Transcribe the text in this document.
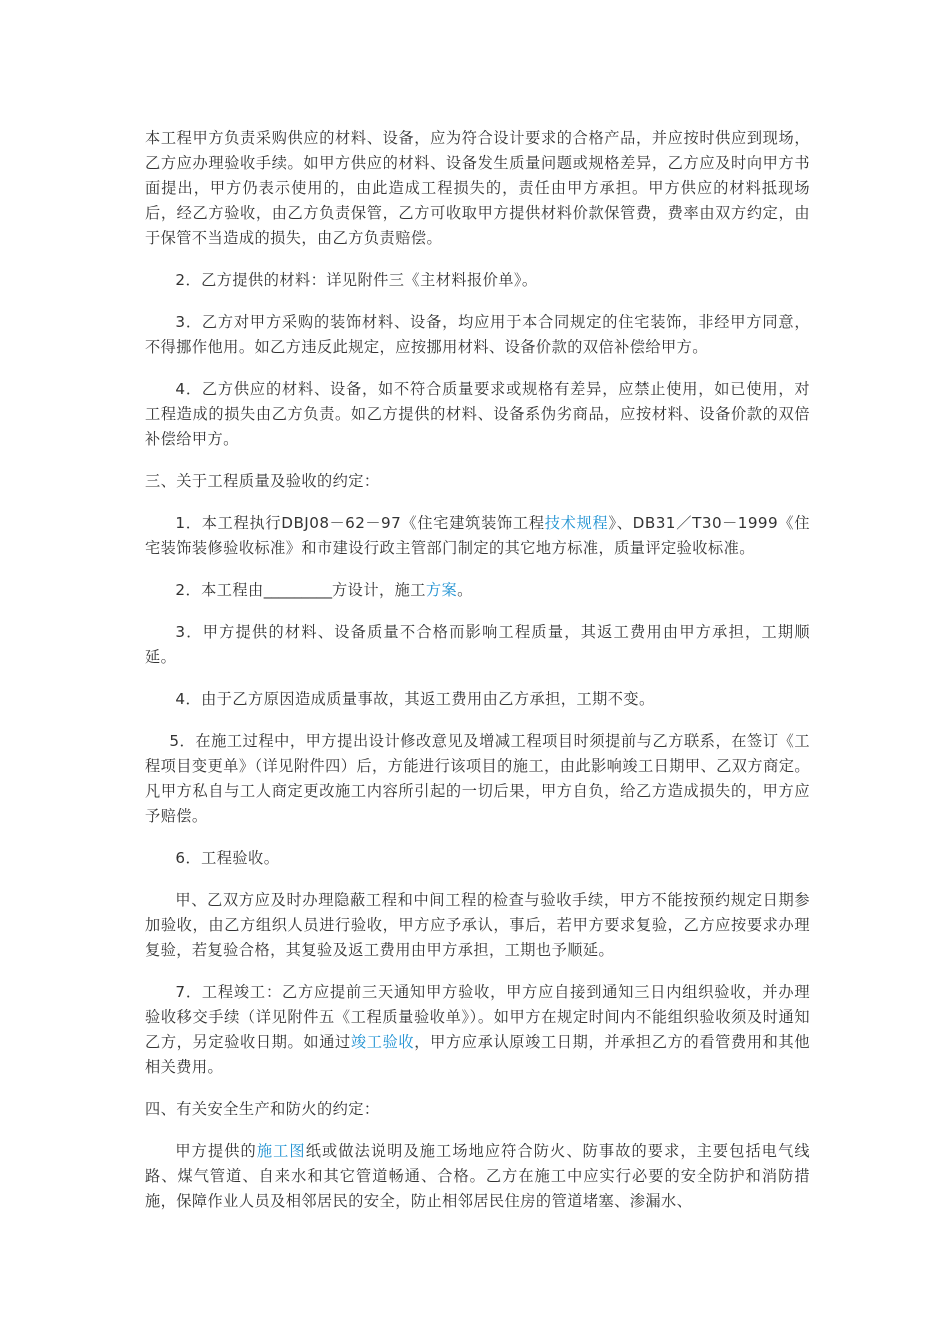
本工程甲方负责采购供应的材料、设备，应为符合设计要求的合格产品，并应按时供应到现场，乙方应办理验收手续。如甲方供应的材料、设备发生质量问题或规格差异，乙方应及时向甲方书面提出，甲方仍表示使用的，由此造成工程损失的，责任由甲方承担。甲方供应的材料抵现场后，经乙方验收，由乙方负责保管，乙方可收取甲方提供材料价款保管费，费率由双方约定，由于保管不当造成的损失，由乙方负责赔偿。

2．乙方提供的材料：详见附件三《主材料报价单》。

3．乙方对甲方采购的装饰材料、设备，均应用于本合同规定的住宅装饰，非经甲方同意，不得挪作他用。如乙方违反此规定，应按挪用材料、设备价款的双倍补偿给甲方。

4．乙方供应的材料、设备，如不符合质量要求或规格有差异，应禁止使用，如已使用，对工程造成的损失由乙方负责。如乙方提供的材料、设备系伪劣商品，应按材料、设备价款的双倍补偿给甲方。

三、关于工程质量及验收的约定：

1．本工程执行DBJ08－62－97《住宅建筑装饰工程技术规程》、DB31／T30－1999《住宅装饰装修验收标准》和市建设行政主管部门制定的其它地方标准，质量评定验收标准。

2．本工程由_________方设计，施工方案。

3．甲方提供的材料、设备质量不合格而影响工程质量，其返工费用由甲方承担，工期顺延。

4．由于乙方原因造成质量事故，其返工费用由乙方承担，工期不变。

5．在施工过程中，甲方提出设计修改意见及增减工程项目时须提前与乙方联系，在签订《工程项目变更单》（详见附件四）后，方能进行该项目的施工，由此影响竣工日期甲、乙双方商定。凡甲方私自与工人商定更改施工内容所引起的一切后果，甲方自负，给乙方造成损失的，甲方应予赔偿。

6．工程验收。

甲、乙双方应及时办理隐蔽工程和中间工程的检查与验收手续，甲方不能按预约规定日期参加验收，由乙方组织人员进行验收，甲方应予承认，事后，若甲方要求复验，乙方应按要求办理复验，若复验合格，其复验及返工费用由甲方承担，工期也予顺延。

7．工程竣工：乙方应提前三天通知甲方验收，甲方应自接到通知三日内组织验收，并办理验收移交手续（详见附件五《工程质量验收单》）。如甲方在规定时间内不能组织验收须及时通知乙方，另定验收日期。如通过竣工验收，甲方应承认原竣工日期，并承担乙方的看管费用和其他相关费用。

四、有关安全生产和防火的约定：

甲方提供的施工图纸或做法说明及施工场地应符合防火、防事故的要求，主要包括电气线路、煤气管道、自来水和其它管道畅通、合格。乙方在施工中应实行必要的安全防护和消防措施，保障作业人员及相邻居民的安全，防止相邻居民住房的管道堵塞、渗漏水、
